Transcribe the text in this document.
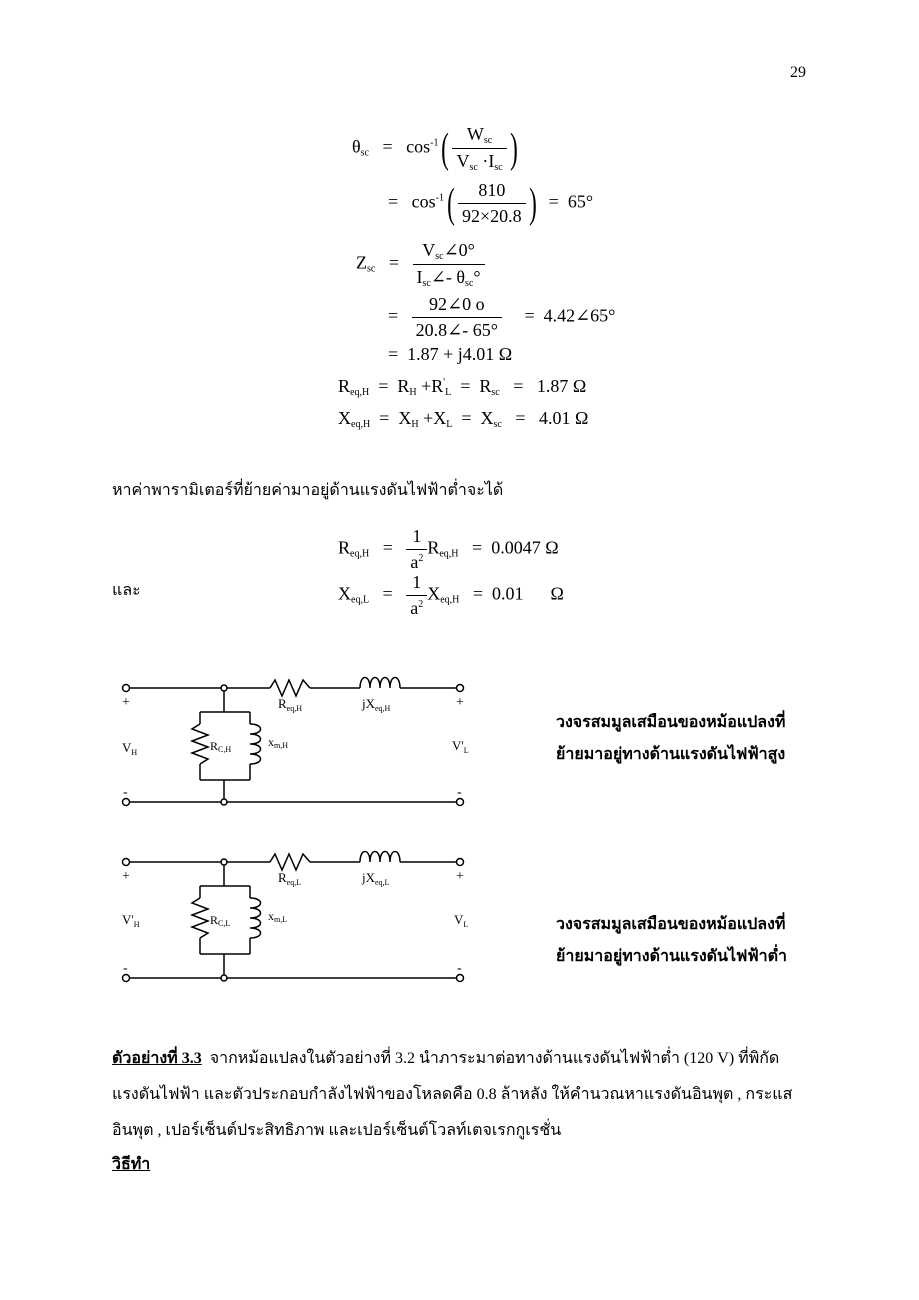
29
$\theta_{sc} = \cos^{-1}( \frac{W_{sc}}{V_{sc} \cdot I_{sc}}$ )
= $\cos^{-1}( \frac{810}{92\times 20.8}$ ) = 65°
$Z_{sc} = \frac{V_{sc}\angle 0^\circ}{I_{sc}\angle- \theta_{sc}^\circ}$
= $\frac{92\angle 0 o}{20.8\angle- 65^\circ}$ = 4.42∠65°
= 1.87 + j4.01 Ω
$R_{eq,H} = R_H +R'_L = R_{sc} = 1.87$ Ω
$X_{eq,H} = X_H +X_L = X_{sc} = 4.01$ Ω
หาค่าพารามิเตอร์ที่ย้ายค่ามาอยู่ด้านแรงดันไฟฟ้าต่ำจะได้
$R_{eq,H} = \frac{1}{a^2} R_{eq,H} = 0.0047$ Ω
และ	$X_{eq,L} = \frac{1}{a^2} X_{eq,H} = 0.01$ Ω
+	+
-	-
$R_{eq,H}$	$jX_{eq,H}$
RC,H
xm,H
$V_H$	$V'_L$
วงจรสมมูลเสมือนของหม้อแปลงที่
ย้ายมาอยู่ทางด้านแรงดันไฟฟ้าสูง
+	+
-	-
$R_{eq,L}$	$jX_{eq,L}$
RC,L
xm,L
$V'_H$	$V_L$	วงจรสมมูลเสมือนของหม้อแปลงที่
ย้ายมาอยู่ทางด้านแรงดันไฟฟ้าต่ำ
ตัวอย่างที่ 3.3 จากหม้อแปลงในตัวอย่างที่ 3.2 นำภาระมาต่อทางด้านแรงดันไฟฟ้าต่ำ (120 V) ที่พิกัด
แรงดันไฟฟ้า และตัวประกอบกำลังไฟฟ้าของโหลดคือ 0.8 ล้าหลัง ให้คำนวณหาแรงดันอินพุต , กระแส
อินพุต , เปอร์เซ็นต์ประสิทธิภาพ และเปอร์เซ็นต์โวลท์เตจเรกกูเรชั่น
วิธีทำ
